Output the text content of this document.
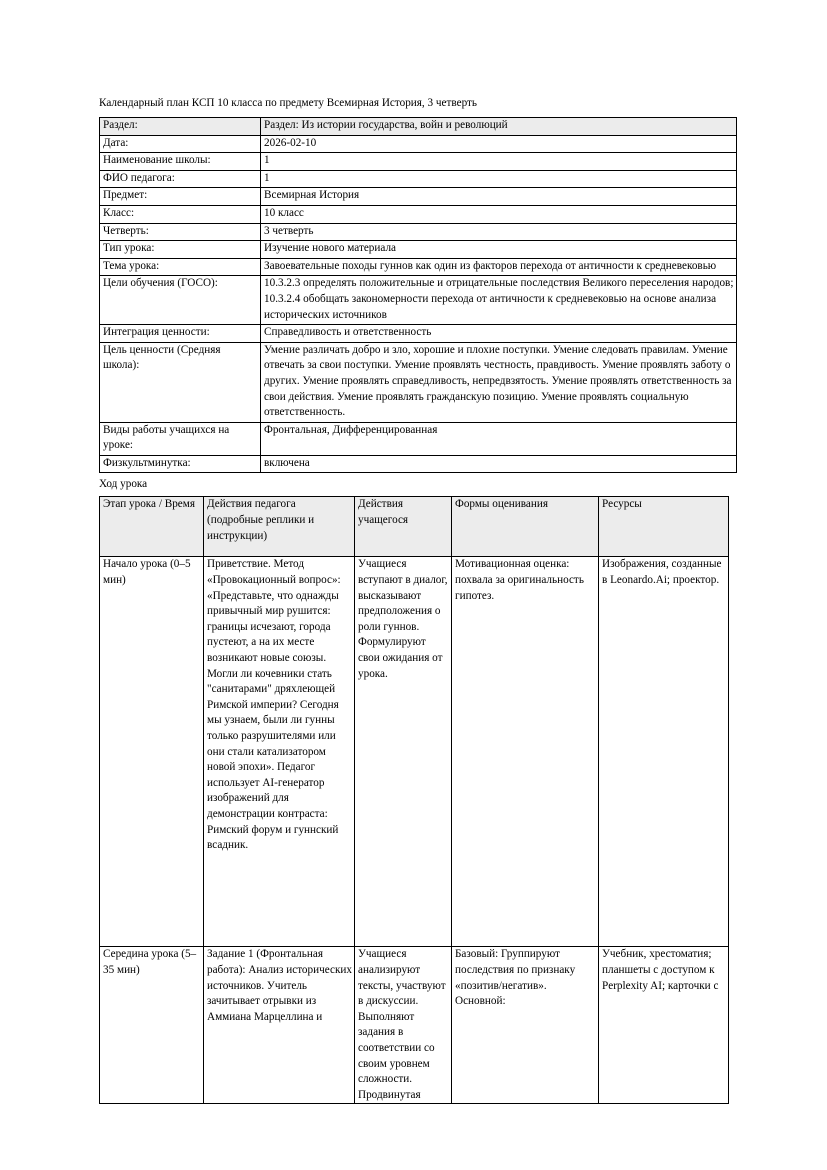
Календарный план КСП 10 класса по предмету Всемирная История, 3 четверть
Раздел:	Раздел: Из истории государства, войн и революций
Дата:	2026-02-10
Наименование школы:	1
ФИО педагога:	1
Предмет:	Всемирная История
Класс:	10 класс
Четверть:	3 четверть
Тип урока:	Изучение нового материала
Тема урока:	Завоевательные походы гуннов как один из факторов перехода от античности к средневековью
Цели обучения (ГОСО):	10.3.2.3 определять положительные и отрицательные последствия Великого переселения народов; 10.3.2.4 обобщать закономерности перехода от античности к средневековью на основе анализа исторических источников
Интеграция ценности:	Справедливость и ответственность
Цель ценности (Средняя школа):	Умение различать добро и зло, хорошие и плохие поступки. Умение следовать правилам. Умение отвечать за свои поступки. Умение проявлять честность, правдивость. Умение проявлять заботу о других. Умение проявлять справедливость, непредвзятость. Умение проявлять ответственность за свои действия. Умение проявлять гражданскую позицию. Умение проявлять социальную ответственность.
Виды работы учащихся на уроке:	Фронтальная, Дифференцированная
Физкультминутка:	включена
Ход урока
Этап урока / Время	Действия педагога (подробные реплики и инструкции)	Действия учащегося	Формы оценивания	Ресурсы
Начало урока (0–5 мин)	Приветствие. Метод «Провокационный вопрос»: «Представьте, что однажды привычный мир рушится: границы исчезают, города пустеют, а на их месте возникают новые союзы. Могли ли кочевники стать "санитарами" дряхлеющей Римской империи? Сегодня мы узнаем, были ли гунны только разрушителями или они стали катализатором новой эпохи». Педагог использует AI-генератор изображений для демонстрации контраста: Римский форум и гуннский всадник.	Учащиеся вступают в диалог, высказывают предположения о роли гуннов. Формулируют свои ожидания от урока.	Мотивационная оценка: похвала за оригинальность гипотез.	Изображения, созданные в Leonardo.Ai; проектор.
Середина урока (5–35 мин)	Задание 1 (Фронтальная работа): Анализ исторических источников. Учитель зачитывает отрывки из Аммиана Марцеллина и	Учащиеся анализируют тексты, участвуют в дискуссии. Выполняют задания в соответствии со своим уровнем сложности. Продвинутая	Базовый: Группируют последствия по признаку «позитив/негатив». Основной:	Учебник, хрестоматия; планшеты с доступом к Perplexity AI; карточки с
